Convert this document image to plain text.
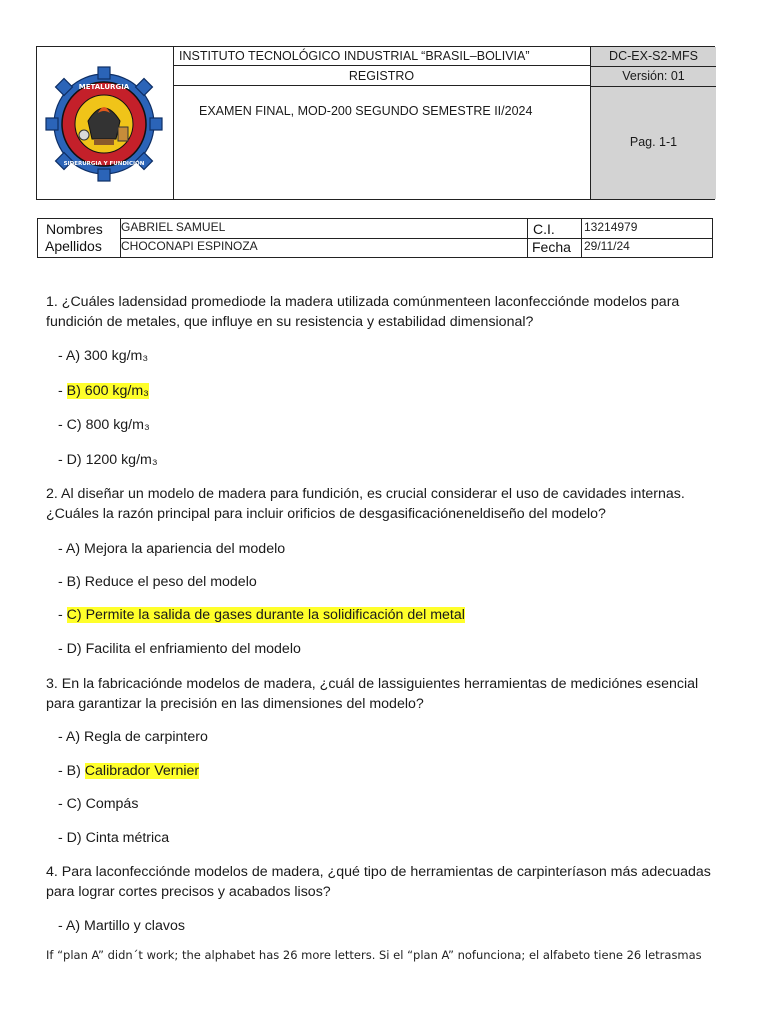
METALURGIA
SIDERURGIA Y FUNDICIÓN
INSTITUTO TECNOLÓGICO INDUSTRIAL “BRASIL–BOLIVIA”
REGISTRO
EXAMEN FINAL, MOD-200 SEGUNDO SEMESTRE II/2024
DC-EX-S2-MFS
Versión: 01
Pag. 1-1
Nombres
Apellidos
GABRIEL SAMUEL
CHOCONAPI ESPINOZA
C.I.
Fecha
13214979
29/11/24
1. ¿Cuáles ladensidad promediode la madera utilizada comúnmenteen laconfeccióndе modelos para fundición de metales, que influye en su resistencia y estabilidad dimensional?
- A) 300 kg/m₃
- B) 600 kg/m₃
- C) 800 kg/m₃
- D) 1200 kg/m₃
2. Al diseñar un modelo de madera para fundición, es crucial considerar el uso de cavidades internas. ¿Cuáles la razón principal para incluir orificios de desgasificaciónеneldiseño del modelo?
- A) Mejora la apariencia del modelo
- B) Reduce el peso del modelo
- C) Permite la salida de gases durante la solidificación del metal
- D) Facilita el enfriamiento del modelo
3. En la fabricacióndе modelos de madera, ¿cuál de lassiguientes herramientas de mediciónes esencial para garantizar la precisión en las dimensiones del modelo?
- A) Regla de carpintero
- B) Calibrador Vernier
- C) Compás
- D) Cinta métrica
4. Para laconfeccióndе modelos de madera, ¿qué tipo de herramientas de carpinteríason más adecuadas para lograr cortes precisos y acabados lisos?
- A) Martillo y clavos
If “plan A” didn´t work; the alphabet has 26 more letters. Si el “plan A” nofunciona; el alfabeto tiene 26 letrasmas
